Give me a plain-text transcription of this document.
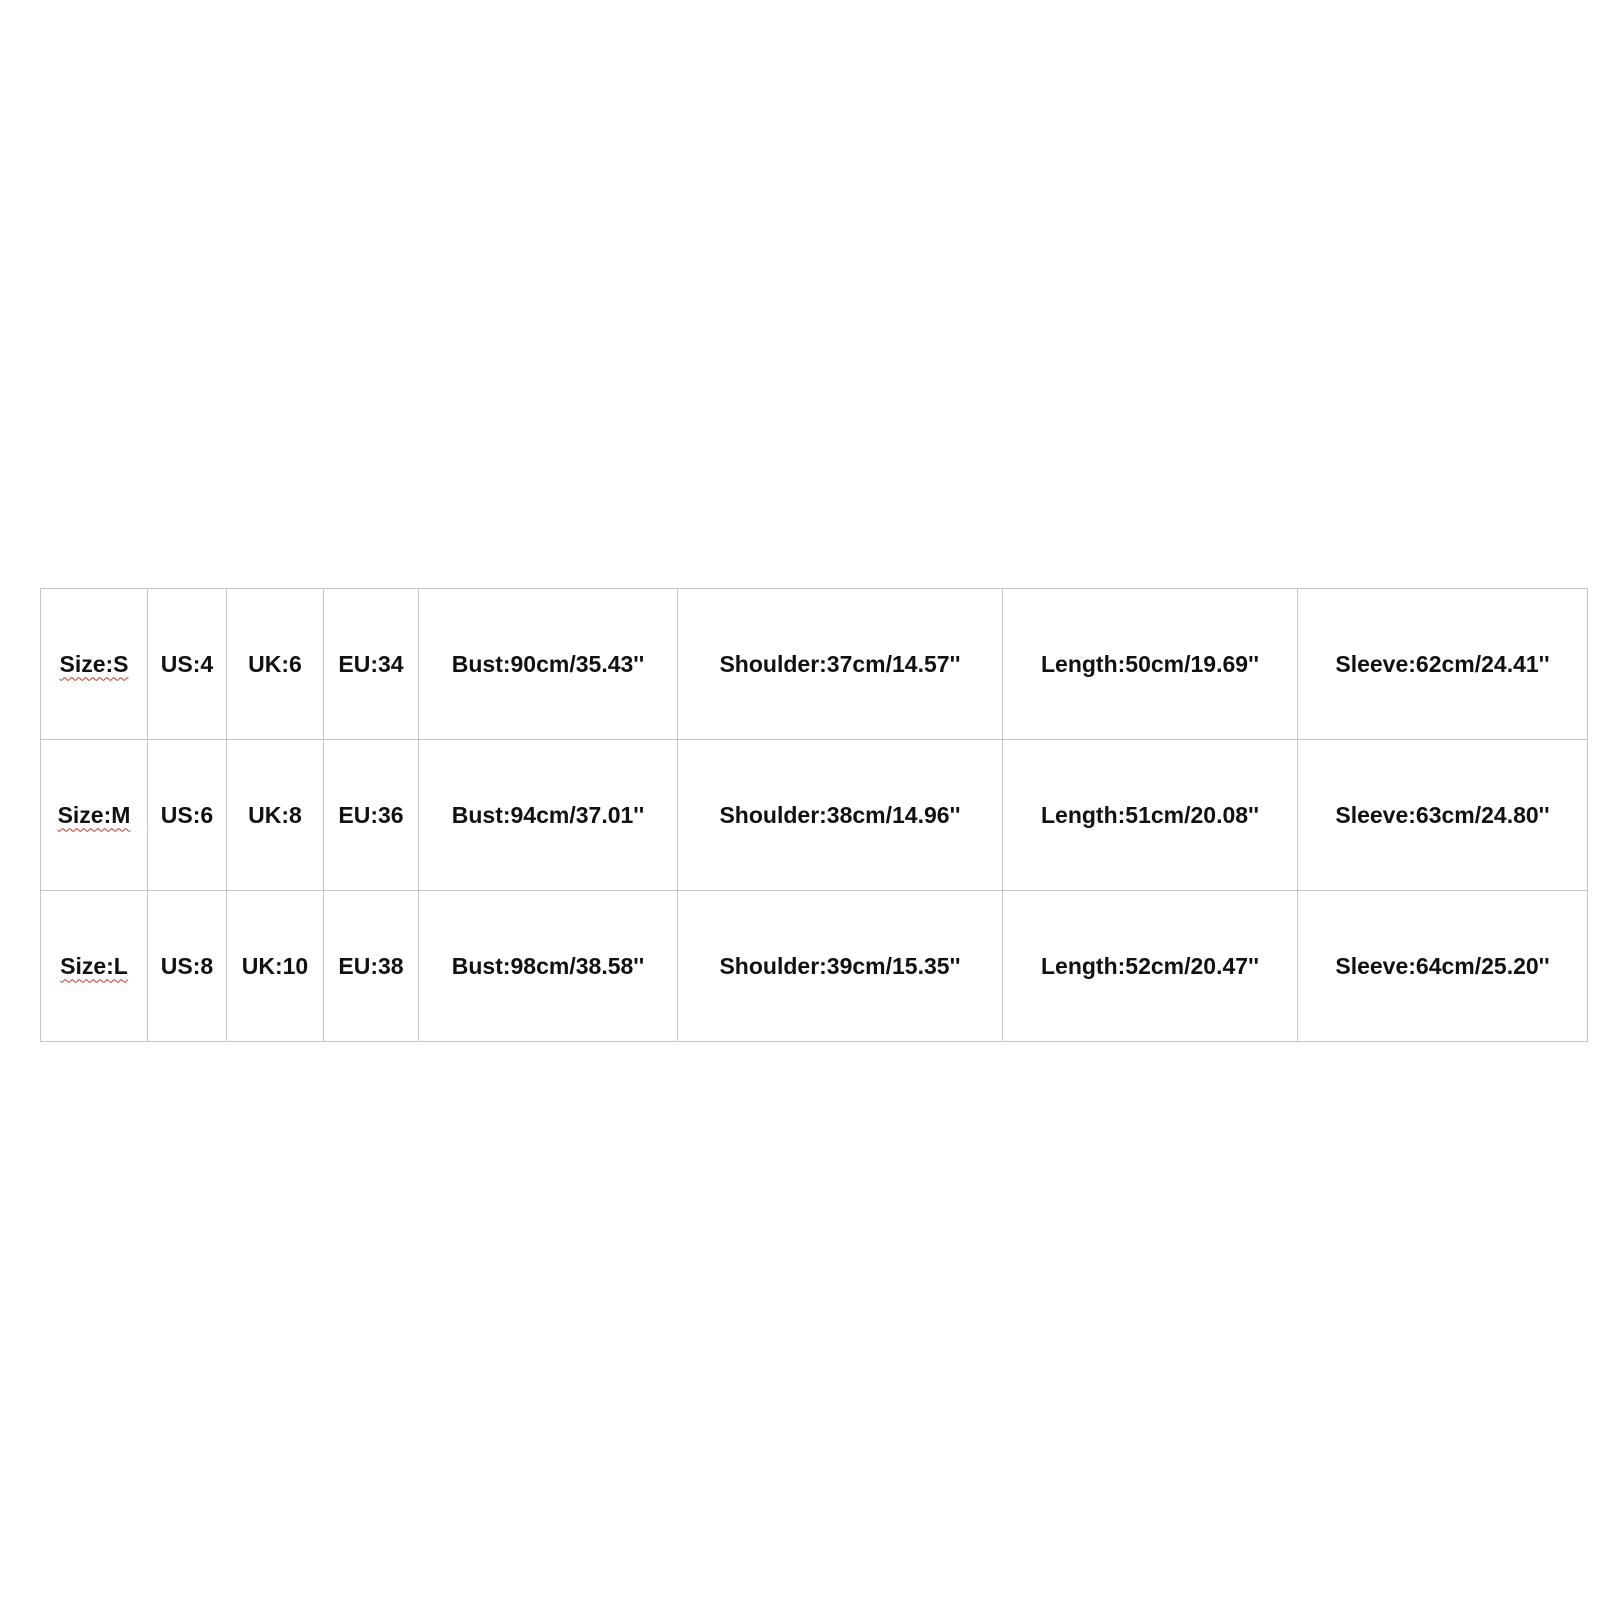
Size:S	US:4	UK:6	EU:34	Bust:90cm/35.43''	Shoulder:37cm/14.57''	Length:50cm/19.69''	Sleeve:62cm/24.41''
Size:M	US:6	UK:8	EU:36	Bust:94cm/37.01''	Shoulder:38cm/14.96''	Length:51cm/20.08''	Sleeve:63cm/24.80''
Size:L	US:8	UK:10	EU:38	Bust:98cm/38.58''	Shoulder:39cm/15.35''	Length:52cm/20.47''	Sleeve:64cm/25.20''
